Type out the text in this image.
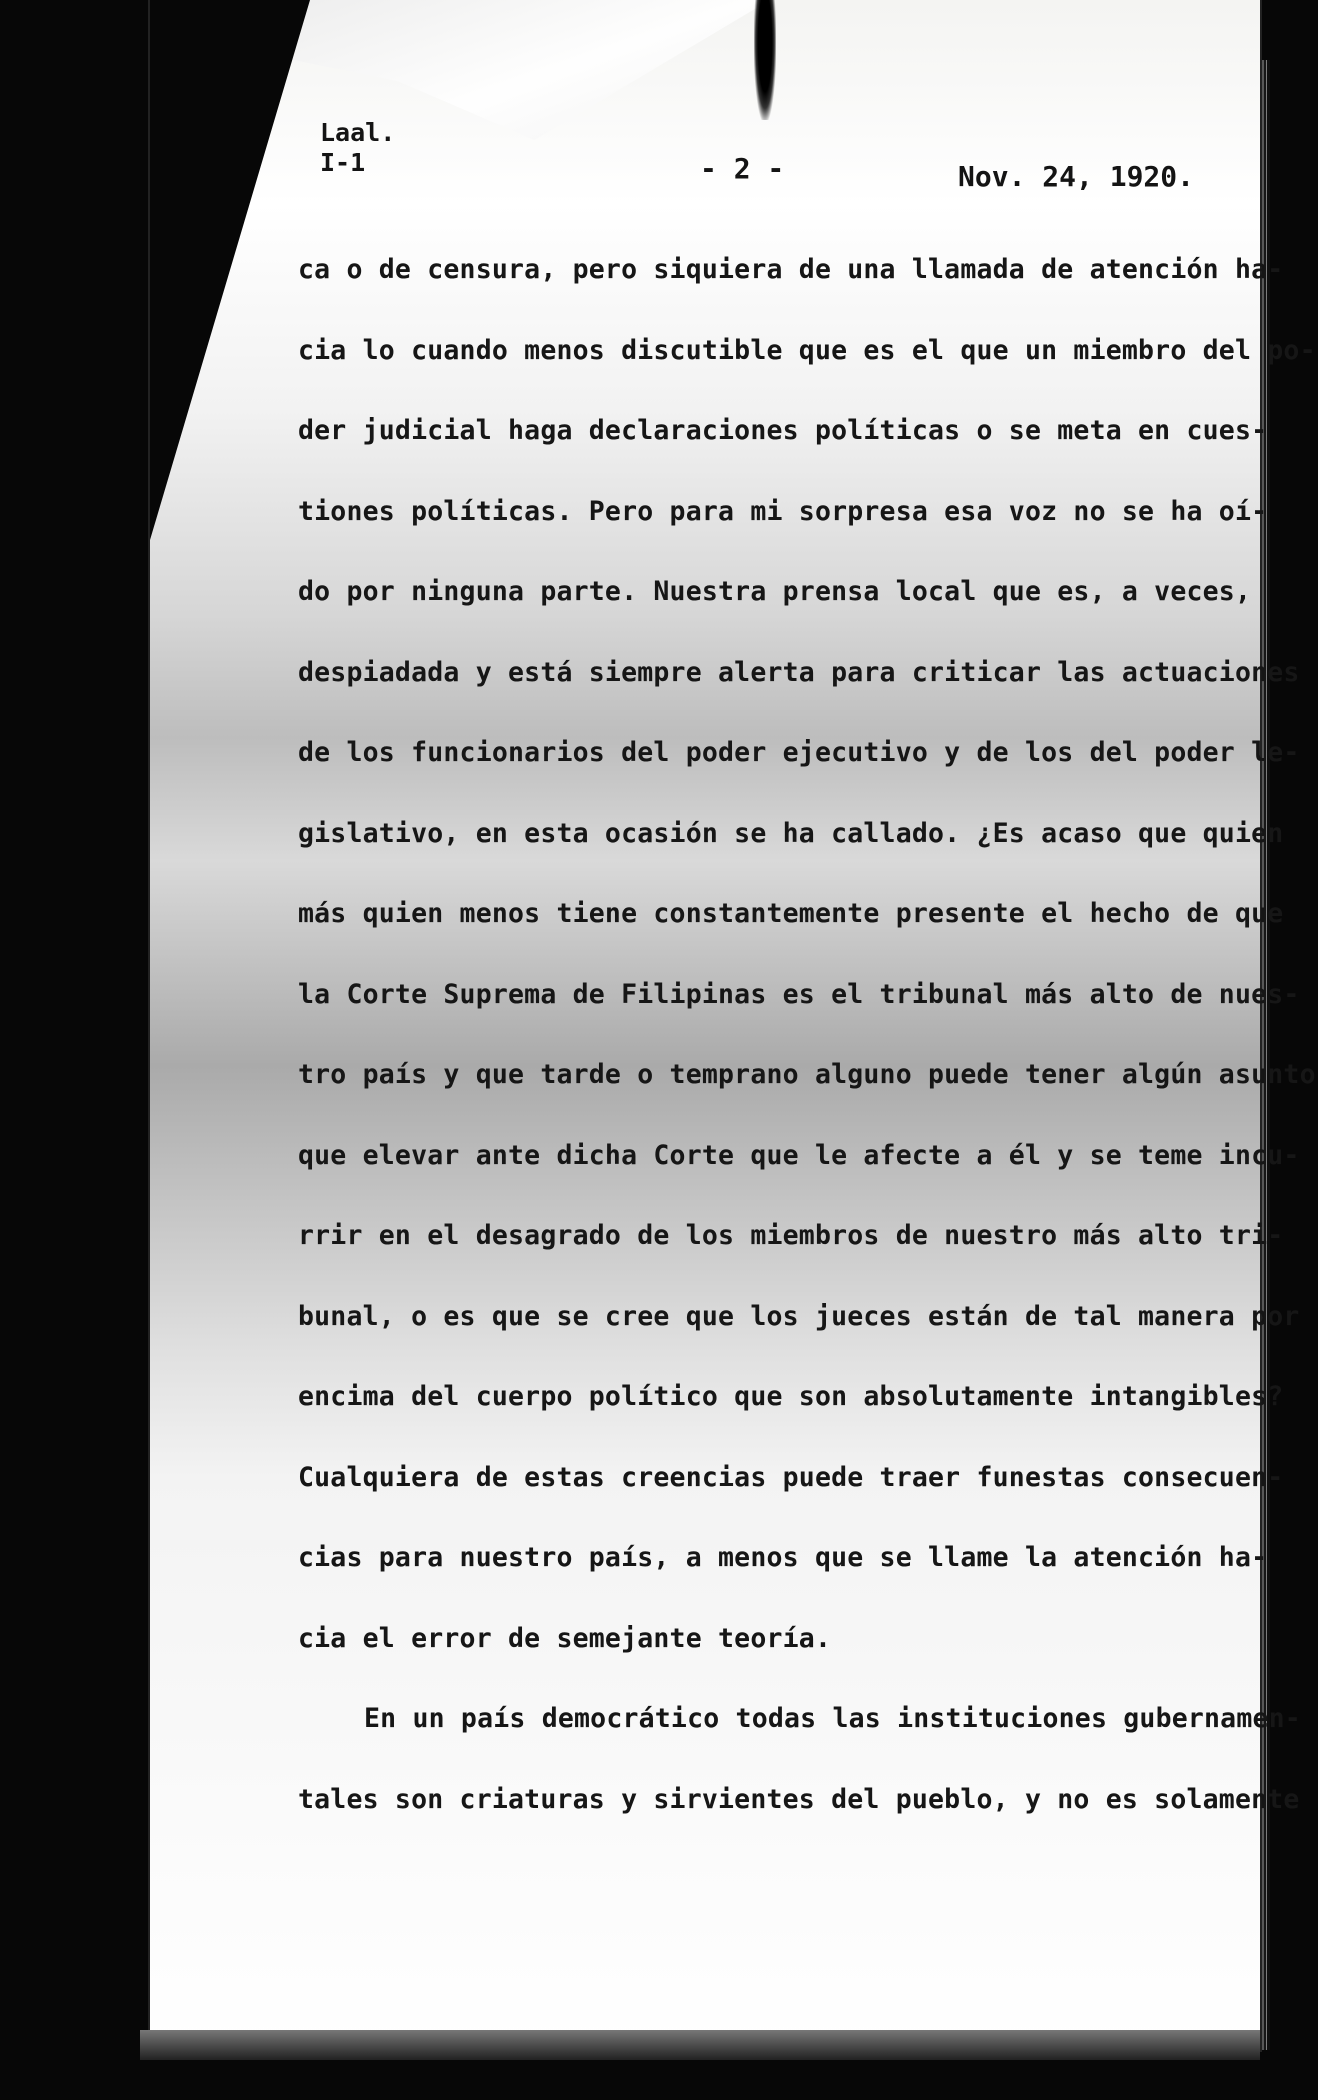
Laal.
I-1	- 2 -	Nov. 24, 1920.
ca o de censura, pero siquiera de una llamada de atención ha-
cia lo cuando menos discutible que es el que un miembro del po-
der judicial haga declaraciones políticas o se meta en cues-
tiones políticas. Pero para mi sorpresa esa voz no se ha oí-
do por ninguna parte. Nuestra prensa local que es, a veces,
despiadada y está siempre alerta para criticar las actuaciones
de los funcionarios del poder ejecutivo y de los del poder le-
gislativo, en esta ocasión se ha callado. ¿Es acaso que quien
más quien menos tiene constantemente presente el hecho de que
la Corte Suprema de Filipinas es el tribunal más alto de nues-
tro país y que tarde o temprano alguno puede tener algún asunto
que elevar ante dicha Corte que le afecte a él y se teme incu-
rrir en el desagrado de los miembros de nuestro más alto tri-
bunal, o es que se cree que los jueces están de tal manera por
encima del cuerpo político que son absolutamente intangibles?
Cualquiera de estas creencias puede traer funestas consecuen-
cias para nuestro país, a menos que se llame la atención ha-
cia el error de semejante teoría.
En un país democrático todas las instituciones gubernamen-
tales son criaturas y sirvientes del pueblo, y no es solamente
